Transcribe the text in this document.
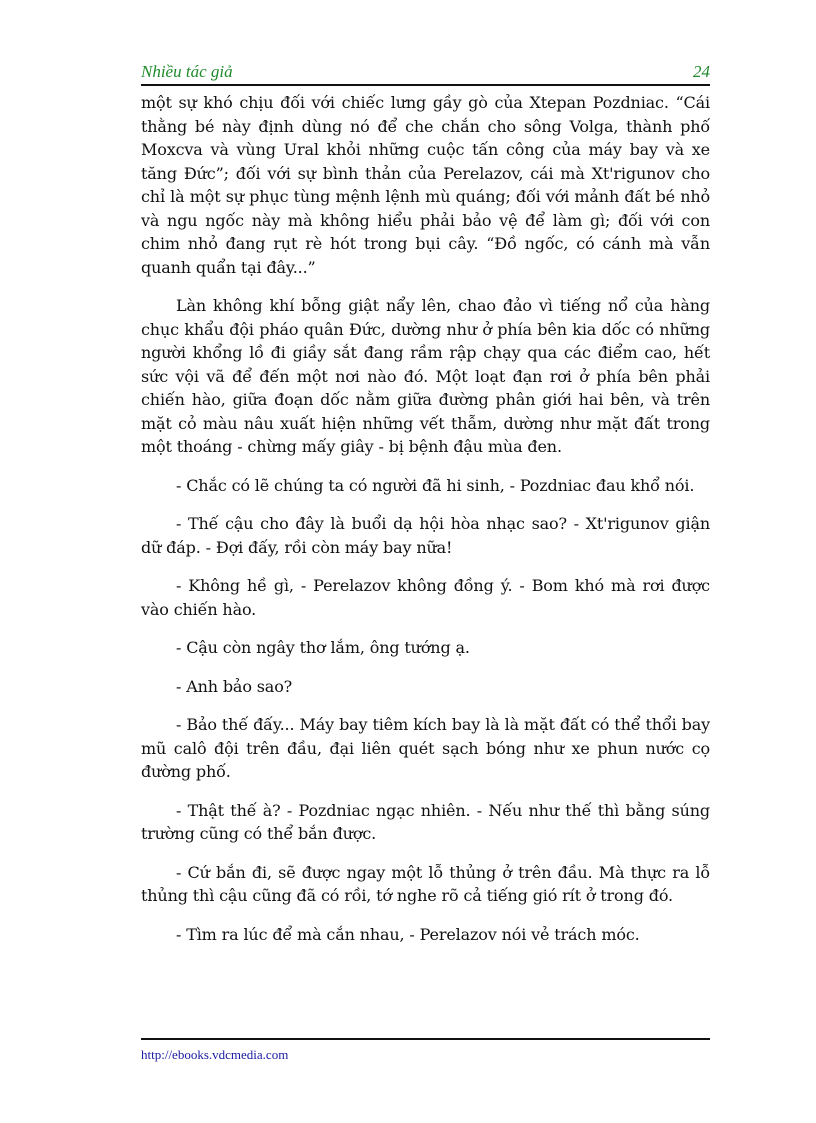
Nhiều tác giả	24

một sự khó chịu đối với chiếc lưng gầy gò của Xtepan Pozdniac. “Cái thằng bé này định dùng nó để che chắn cho sông Volga, thành phố Moxcva và vùng Ural khỏi những cuộc tấn công của máy bay và xe tăng Đức”; đối với sự bình thản của Perelazov, cái mà Xt'rigunov cho chỉ là một sự phục tùng mệnh lệnh mù quáng; đối với mảnh đất bé nhỏ và ngu ngốc này mà không hiểu phải bảo vệ để làm gì; đối với con chim nhỏ đang rụt rè hót trong bụi cây. “Đồ ngốc, có cánh mà vẫn quanh quẩn tại đây...”

Làn không khí bỗng giật nẩy lên, chao đảo vì tiếng nổ của hàng chục khẩu đội pháo quân Đức, dường như ở phía bên kia dốc có những người khổng lồ đi giầy sắt đang rầm rập chạy qua các điểm cao, hết sức vội vã để đến một nơi nào đó. Một loạt đạn rơi ở phía bên phải chiến hào, giữa đoạn dốc nằm giữa đường phân giới hai bên, và trên mặt cỏ màu nâu xuất hiện những vết thẫm, dường như mặt đất trong một thoáng - chừng mấy giây - bị bệnh đậu mùa đen.

- Chắc có lẽ chúng ta có người đã hi sinh, - Pozdniac đau khổ nói.

- Thế cậu cho đây là buổi dạ hội hòa nhạc sao? - Xt'rigunov giận dữ đáp. - Đợi đấy, rồi còn máy bay nữa!

- Không hề gì, - Perelazov không đồng ý. - Bom khó mà rơi được vào chiến hào.

- Cậu còn ngây thơ lắm, ông tướng ạ.

- Anh bảo sao?

- Bảo thế đấy... Máy bay tiêm kích bay là là mặt đất có thể thổi bay mũ calô đội trên đầu, đại liên quét sạch bóng như xe phun nước cọ đường phố.

- Thật thế à? - Pozdniac ngạc nhiên. - Nếu như thế thì bằng súng trường cũng có thể bắn được.

- Cứ bắn đi, sẽ được ngay một lỗ thủng ở trên đầu. Mà thực ra lỗ thủng thì cậu cũng đã có rồi, tớ nghe rõ cả tiếng gió rít ở trong đó.

- Tìm ra lúc để mà cắn nhau, - Perelazov nói vẻ trách móc.

http://ebooks.vdcmedia.com
